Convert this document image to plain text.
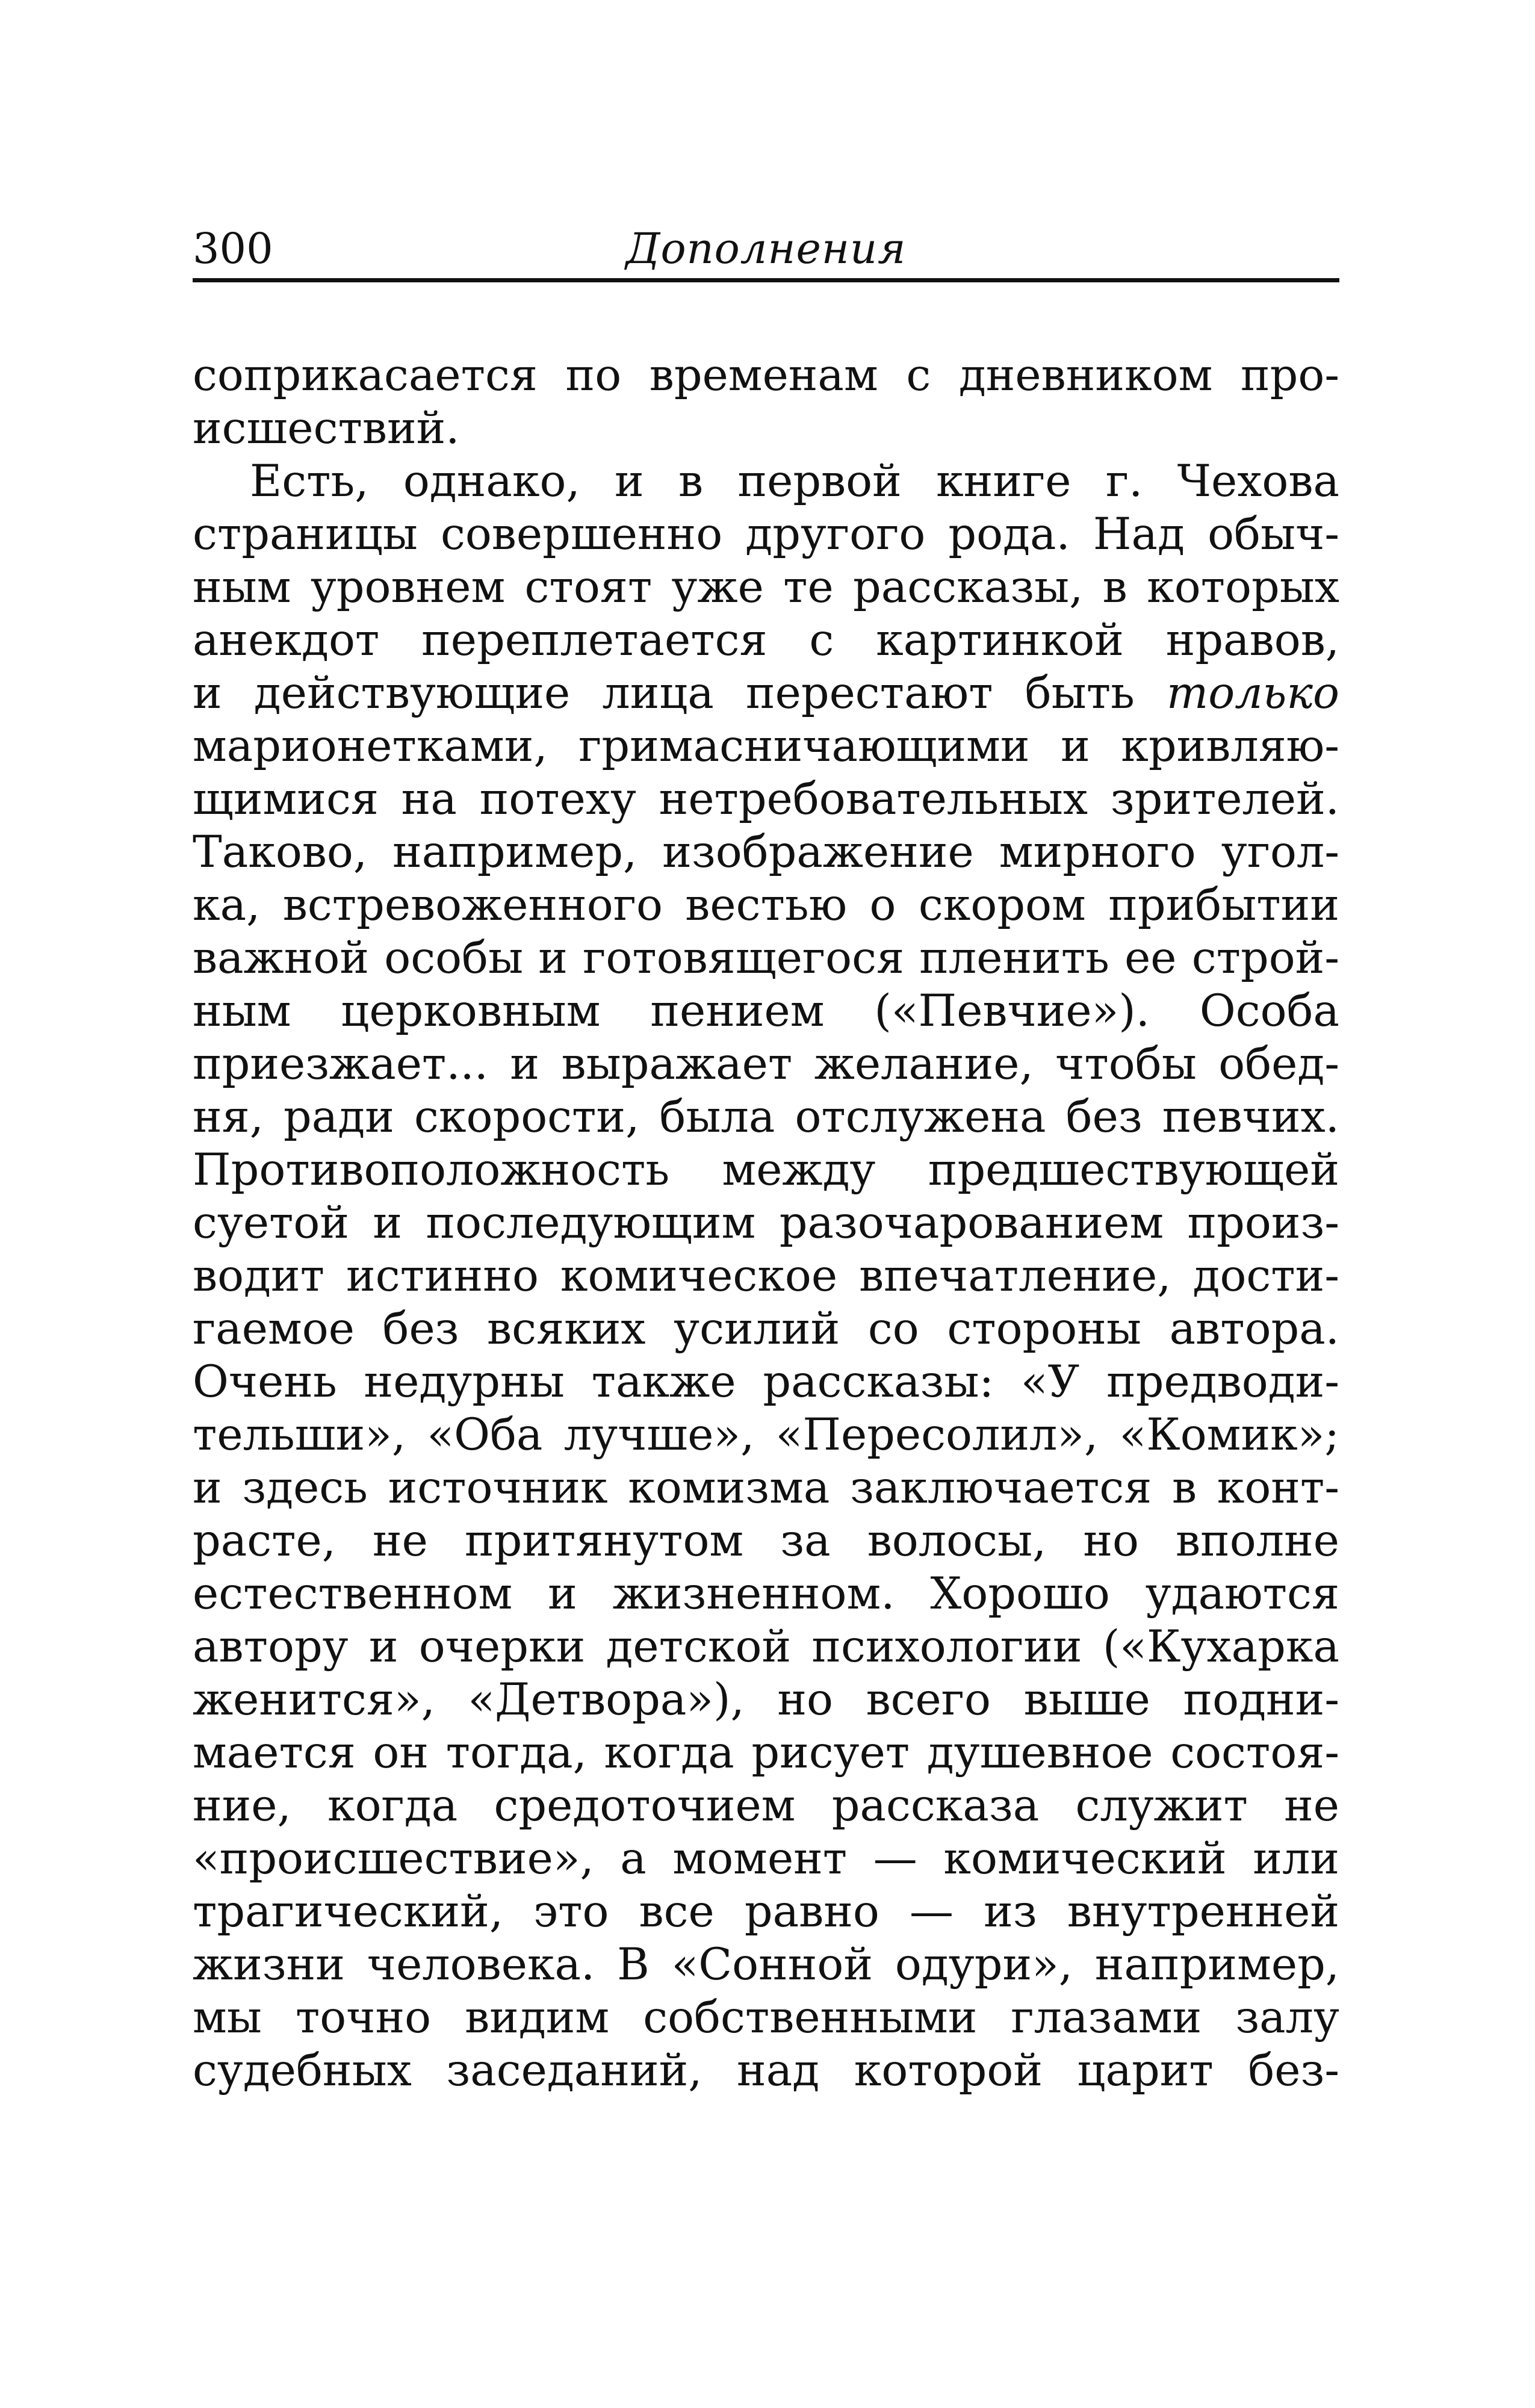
300	Дополнения
соприкасается по временам с дневником про-
исшествий.
Есть, однако, и в первой книге г. Чехова
страницы совершенно другого рода. Над обыч-
ным уровнем стоят уже те рассказы, в которых
анекдот переплетается с картинкой нравов,
и действующие лица перестают быть только
марионетками, гримасничающими и кривляю-
щимися на потеху нетребовательных зрителей.
Таково, например, изображение мирного угол-
ка, встревоженного вестью о скором прибытии
важной особы и готовящегося пленить ее строй-
ным церковным пением («Певчие»). Особа
приезжает... и выражает желание, чтобы обед-
ня, ради скорости, была отслужена без певчих.
Противоположность между предшествующей
суетой и последующим разочарованием произ-
водит истинно комическое впечатление, дости-
гаемое без всяких усилий со стороны автора.
Очень недурны также рассказы: «У предводи-
тельши», «Оба лучше», «Пересолил», «Комик»;
и здесь источник комизма заключается в конт-
расте, не притянутом за волосы, но вполне
естественном и жизненном. Хорошо удаются
автору и очерки детской психологии («Кухарка
женится», «Детвора»), но всего выше подни-
мается он тогда, когда рисует душевное состоя-
ние, когда средоточием рассказа служит не
«происшествие», а момент — комический или
трагический, это все равно — из внутренней
жизни человека. В «Сонной одури», например,
мы точно видим собственными глазами залу
судебных заседаний, над которой царит без-
